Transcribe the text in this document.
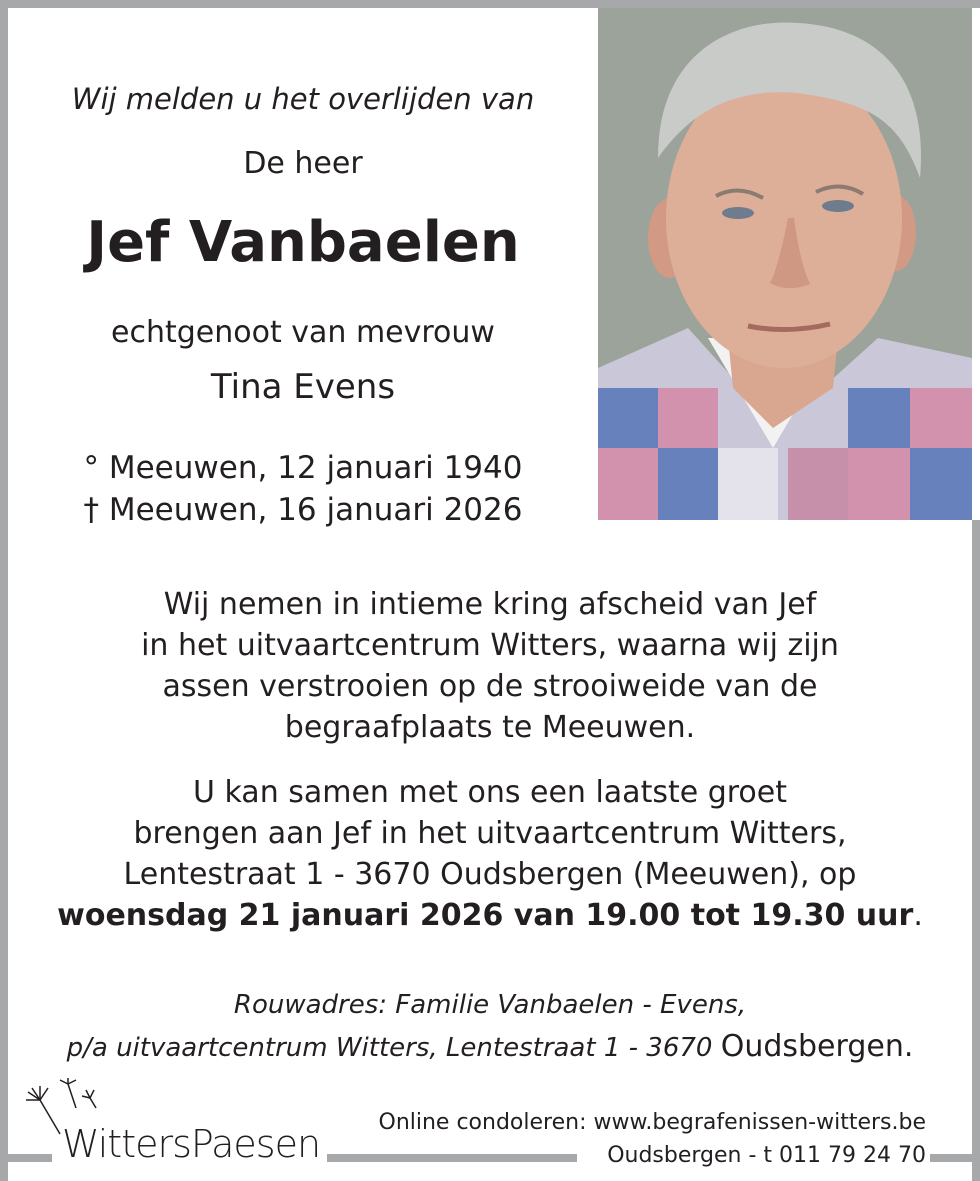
Wij melden u het overlijden van
De heer
Jef Vanbaelen
echtgenoot van mevrouw
Tina Evens
° Meeuwen, 12 januari 1940
† Meeuwen, 16 januari 2026
Wij nemen in intieme kring afscheid van Jef
in het uitvaartcentrum Witters, waarna wij zijn
assen verstrooien op de strooiweide van de
begraafplaats te Meeuwen.
U kan samen met ons een laatste groet
brengen aan Jef in het uitvaartcentrum Witters,
Lentestraat 1 - 3670 Oudsbergen (Meeuwen), op
woensdag 21 januari 2026 van 19.00 tot 19.30 uur.
Rouwadres: Familie Vanbaelen - Evens,
p/a uitvaartcentrum Witters, Lentestraat 1 - 3670 Oudsbergen.
WittersPaesen	Online condoleren: www.begrafenissen-witters.be
Oudsbergen - t 011 79 24 70
